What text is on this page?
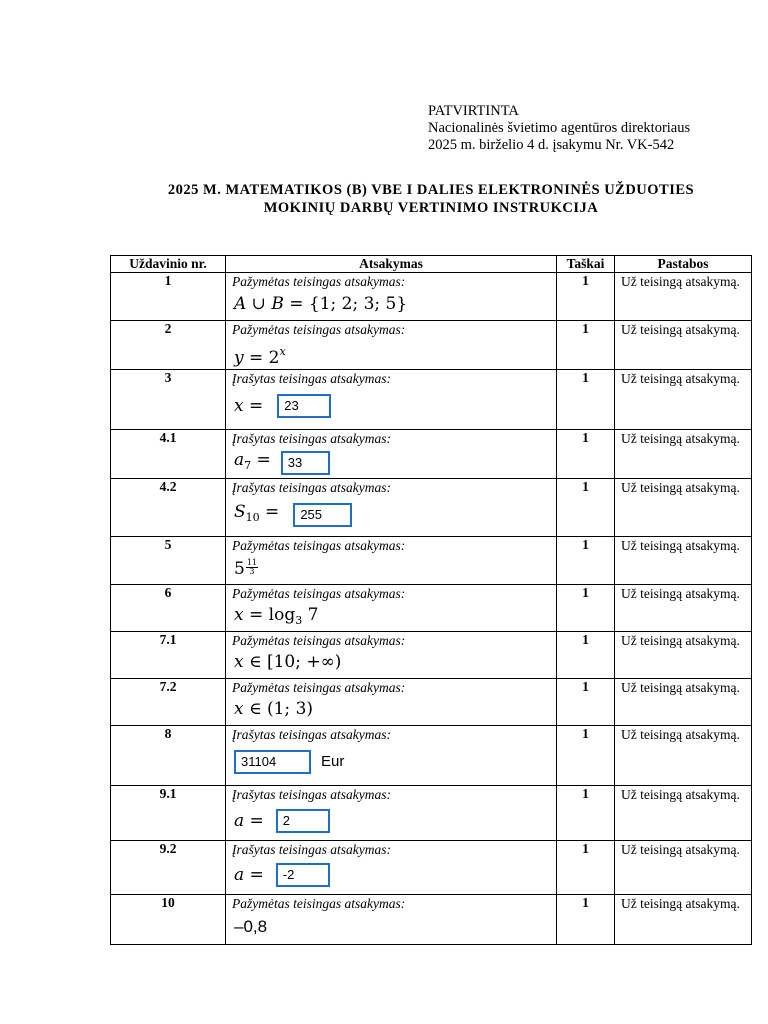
PATVIRTINTA
Nacionalinės švietimo agentūros direktoriaus
2025 m. birželio 4 d. įsakymu Nr. VK-542
2025 M. MATEMATIKOS (B) VBE I DALIES ELEKTRONINĖS UŽDUOTIES
MOKINIŲ DARBŲ VERTINIMO INSTRUKCIJA
Uždavinio nr.	Atsakymas	Taškai	Pastabos
1	Pažymėtas teisingas atsakymas:
A ∪ B = {1; 2; 3; 5}	1	Už teisingą atsakymą.
2	Pažymėtas teisingas atsakymas:
$y = 2^x$	1	Už teisingą atsakymą.
3	Įrašytas teisingas atsakymas:
x = 23	1	Už teisingą atsakymą.
4.1	Įrašytas teisingas atsakymas:
$a_7 = 33$	1	Už teisingą atsakymą.
4.2	Įrašytas teisingas atsakymas:
$S_{10} = 255$	1	Už teisingą atsakymą.
5	Pažymėtas teisingas atsakymas:
$5 \frac{11}{3}$	1	Už teisingą atsakymą.
6	Pažymėtas teisingas atsakymas:
$x = \log_3 7$	1	Už teisingą atsakymą.
7.1	Pažymėtas teisingas atsakymas:
x ∈ [10; +∞)	1	Už teisingą atsakymą.
7.2	Pažymėtas teisingas atsakymas:
x ∈ (1; 3)	1	Už teisingą atsakymą.
8	Įrašytas teisingas atsakymas:
31104 Eur	1	Už teisingą atsakymą.
9.1	Įrašytas teisingas atsakymas:
a = 2	1	Už teisingą atsakymą.
9.2	Įrašytas teisingas atsakymas:
a = -2	1	Už teisingą atsakymą.
10	Pažymėtas teisingas atsakymas:
–0,8	1	Už teisingą atsakymą.
